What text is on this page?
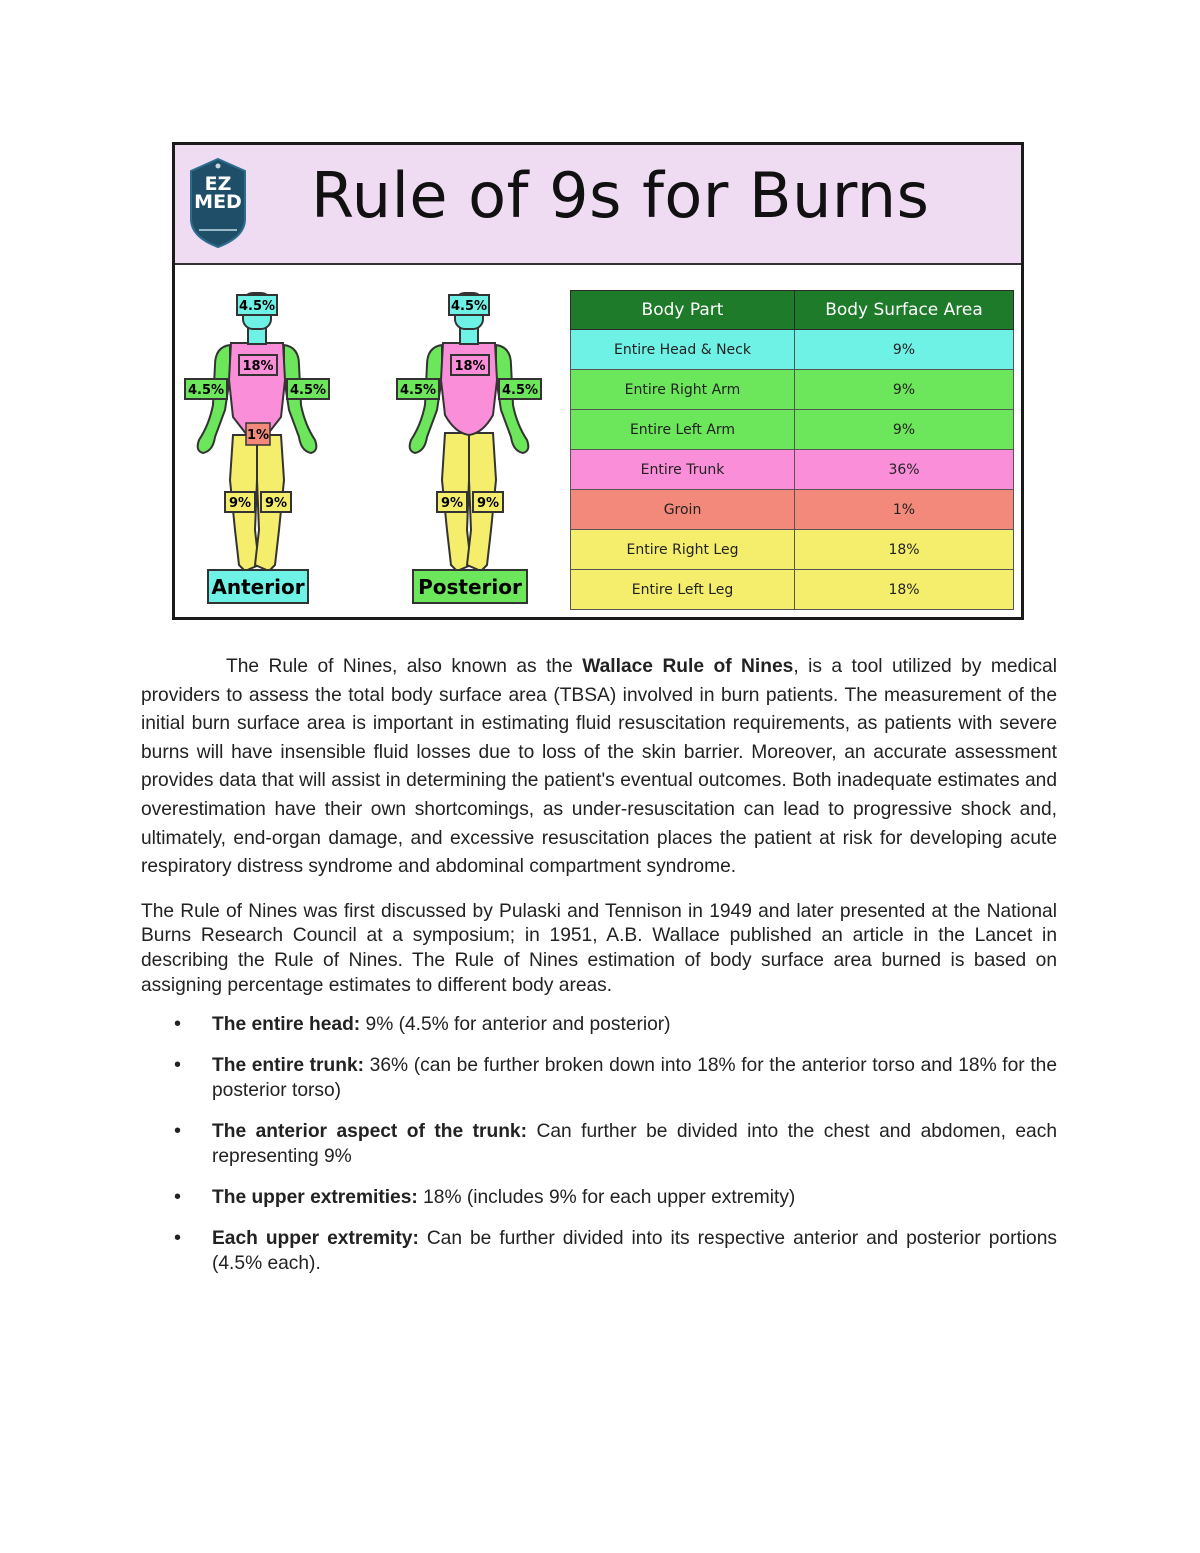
EZ
MED Rule of 9s for Burns
4.5%
18%
4.5%	4.5%
1%
9% 9%
Anterior
4.5%
18%
4.5%	4.5%
9% 9%
Posterior
Body Part	Body Surface Area
Entire Head & Neck	9%
Entire Right Arm	9%
Entire Left Arm	9%
Entire Trunk	36%
Groin	1%
Entire Right Leg	18%
Entire Left Leg	18%

The Rule of Nines, also known as the Wallace Rule of Nines, is a tool utilized by medical providers to assess the total body surface area (TBSA) involved in burn patients. The measurement of the initial burn surface area is important in estimating fluid resuscitation requirements, as patients with severe burns will have insensible fluid losses due to loss of the skin barrier. Moreover, an accurate assessment provides data that will assist in determining the patient's eventual outcomes. Both inadequate estimates and overestimation have their own shortcomings, as under-resuscitation can lead to progressive shock and, ultimately, end-organ damage, and excessive resuscitation places the patient at risk for developing acute respiratory distress syndrome and abdominal compartment syndrome.

The Rule of Nines was first discussed by Pulaski and Tennison in 1949 and later presented at the National Burns Research Council at a symposium; in 1951, A.B. Wallace published an article in the Lancet in describing the Rule of Nines. The Rule of Nines estimation of body surface area burned is based on assigning percentage estimates to different body areas.

• The entire head: 9% (4.5% for anterior and posterior)
• The entire trunk: 36% (can be further broken down into 18% for the anterior torso and 18% for the posterior torso)
• The anterior aspect of the trunk: Can further be divided into the chest and abdomen, each representing 9%
• The upper extremities: 18% (includes 9% for each upper extremity)
• Each upper extremity: Can be further divided into its respective anterior and posterior portions (4.5% each).
